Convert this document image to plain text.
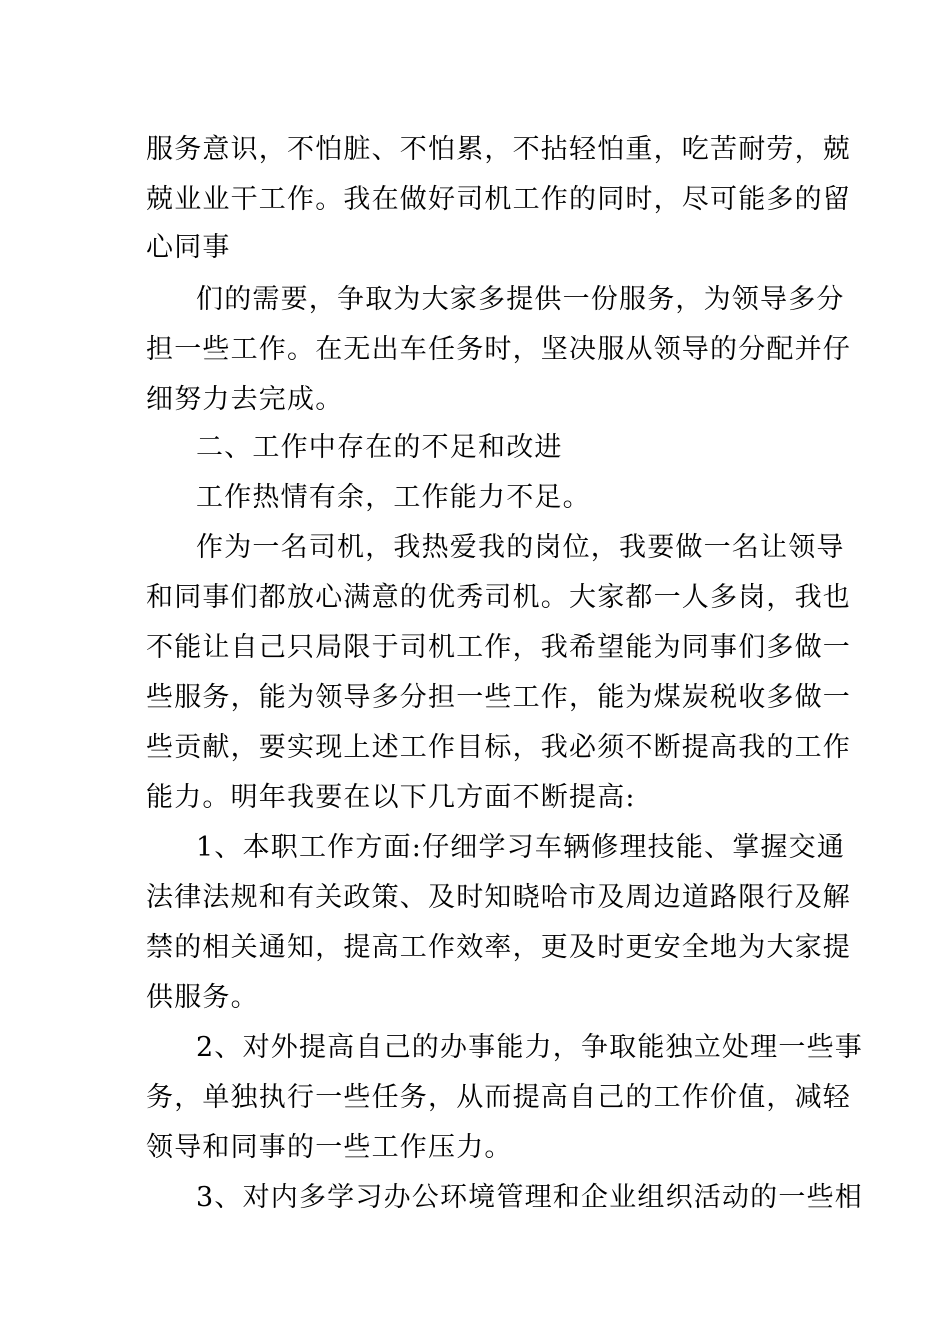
服务意识，不怕脏、不怕累，不拈轻怕重，吃苦耐劳，兢
兢业业干工作。我在做好司机工作的同时，尽可能多的留
心同事
们的需要，争取为大家多提供一份服务，为领导多分
担一些工作。在无出车任务时，坚决服从领导的分配并仔
细努力去完成。
二、工作中存在的不足和改进
工作热情有余，工作能力不足。
作为一名司机，我热爱我的岗位，我要做一名让领导
和同事们都放心满意的优秀司机。大家都一人多岗，我也
不能让自己只局限于司机工作，我希望能为同事们多做一
些服务，能为领导多分担一些工作，能为煤炭税收多做一
些贡献，要实现上述工作目标，我必须不断提高我的工作
能力。明年我要在以下几方面不断提高:
1、本职工作方面:仔细学习车辆修理技能、掌握交通
法律法规和有关政策、及时知晓哈市及周边道路限行及解
禁的相关通知，提高工作效率，更及时更安全地为大家提
供服务。
2、对外提高自己的办事能力，争取能独立处理一些事
务，单独执行一些任务，从而提高自己的工作价值，减轻
领导和同事的一些工作压力。
3、对内多学习办公环境管理和企业组织活动的一些相
